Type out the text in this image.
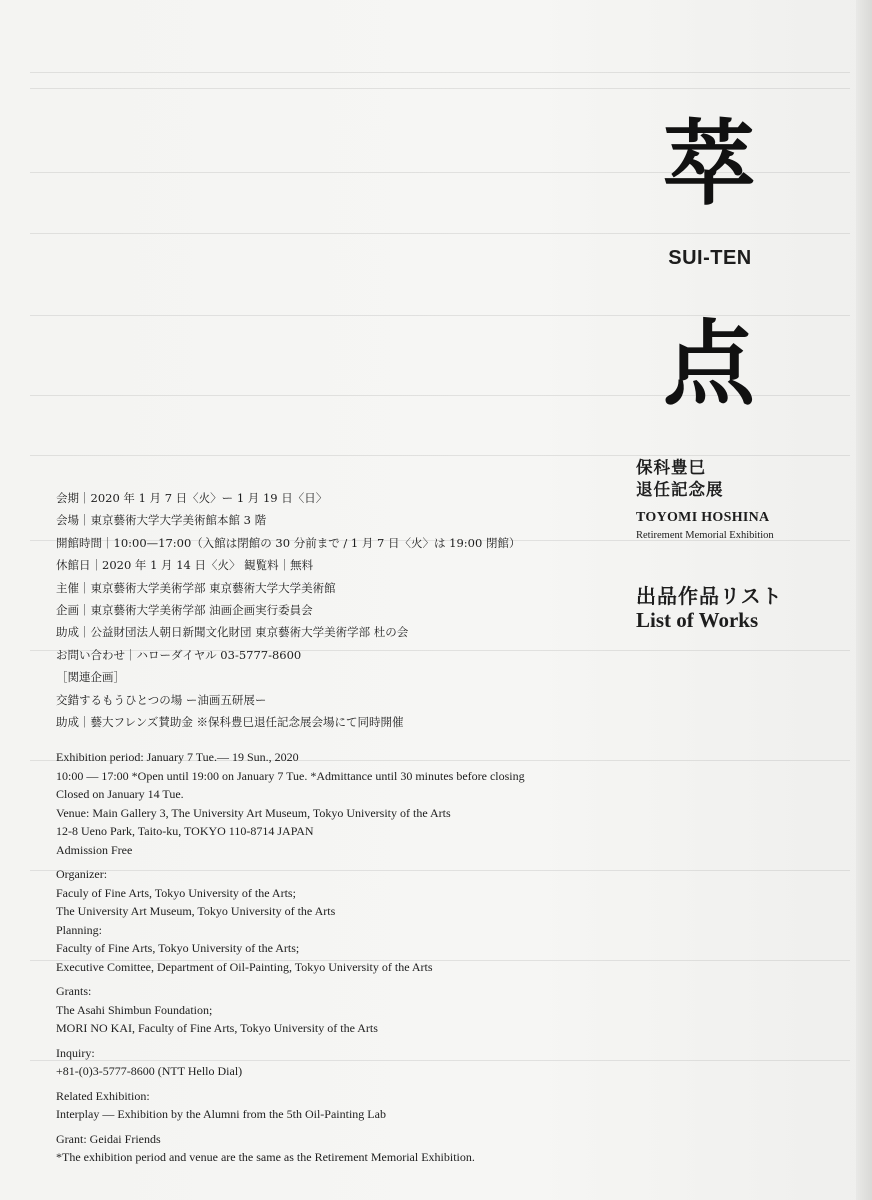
萃
SUI-TEN
点
保科豊巳
退任記念展
TOYOMI HOSHINA
Retirement Memorial Exhibition
出品作品リスト
List of Works
会期｜2020 年 1 月 7 日〈火〉ー 1 月 19 日〈日〉
会場｜東京藝術大学大学美術館本館 3 階
開館時間｜10:00—17:00（入館は閉館の 30 分前まで / 1 月 7 日〈火〉は 19:00 閉館）
休館日｜2020 年 1 月 14 日〈火〉 観覧料｜無料
主催｜東京藝術大学美術学部 東京藝術大学大学美術館
企画｜東京藝術大学美術学部 油画企画実行委員会
助成｜公益財団法人朝日新聞文化財団 東京藝術大学美術学部 杜の会
お問い合わせ｜ハローダイヤル 03-5777-8600
［関連企画］
交錯するもうひとつの場 ー油画五研展ー
助成｜藝大フレンズ賛助金 ※保科豊巳退任記念展会場にて同時開催
Exhibition period: January 7 Tue.— 19 Sun., 2020
10:00 — 17:00 *Open until 19:00 on January 7 Tue. *Admittance until 30 minutes before closing
Closed on January 14 Tue.
Venue: Main Gallery 3, The University Art Museum, Tokyo University of the Arts
12-8 Ueno Park, Taito-ku, TOKYO 110-8714 JAPAN
Admission Free
Organizer:
Faculy of Fine Arts, Tokyo University of the Arts;
The University Art Museum, Tokyo University of the Arts
Planning:
Faculty of Fine Arts, Tokyo University of the Arts;
Executive Comittee, Department of Oil-Painting, Tokyo University of the Arts
Grants:
The Asahi Shimbun Foundation;
MORI NO KAI, Faculty of Fine Arts, Tokyo University of the Arts
Inquiry:
+81-(0)3-5777-8600 (NTT Hello Dial)
Related Exhibition:
Interplay — Exhibition by the Alumni from the 5th Oil-Painting Lab
Grant: Geidai Friends
*The exhibition period and venue are the same as the Retirement Memorial Exhibition.
